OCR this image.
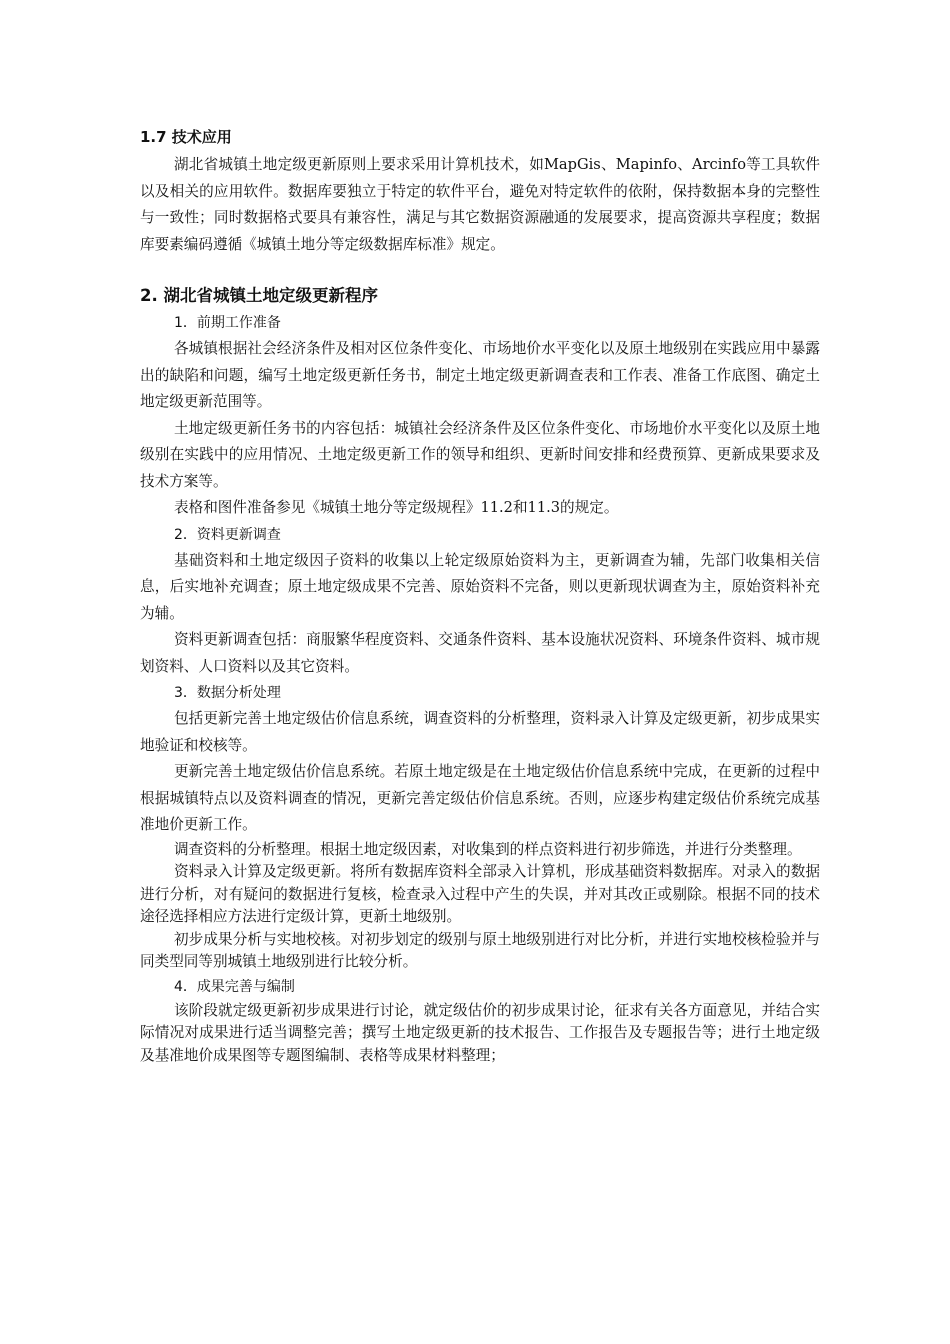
1.7 技术应用

湖北省城镇土地定级更新原则上要求采用计算机技术，如MapGis、Mapinfo、Arcinfo等工具软件以及相关的应用软件。数据库要独立于特定的软件平台，避免对特定软件的依附，保持数据本身的完整性与一致性；同时数据格式要具有兼容性，满足与其它数据资源融通的发展要求，提高资源共享程度；数据库要素编码遵循《城镇土地分等定级数据库标准》规定。

2. 湖北省城镇土地定级更新程序
1．前期工作准备

各城镇根据社会经济条件及相对区位条件变化、市场地价水平变化以及原土地级别在实践应用中暴露出的缺陷和问题，编写土地定级更新任务书，制定土地定级更新调查表和工作表、准备工作底图、确定土地定级更新范围等。

土地定级更新任务书的内容包括：城镇社会经济条件及区位条件变化、市场地价水平变化以及原土地级别在实践中的应用情况、土地定级更新工作的领导和组织、更新时间安排和经费预算、更新成果要求及技术方案等。

表格和图件准备参见《城镇土地分等定级规程》11.2和11.3的规定。

2．资料更新调查

基础资料和土地定级因子资料的收集以上轮定级原始资料为主，更新调查为辅，先部门收集相关信息，后实地补充调查；原土地定级成果不完善、原始资料不完备，则以更新现状调查为主，原始资料补充为辅。

资料更新调查包括：商服繁华程度资料、交通条件资料、基本设施状况资料、环境条件资料、城市规划资料、人口资料以及其它资料。

3．数据分析处理

包括更新完善土地定级估价信息系统，调查资料的分析整理，资料录入计算及定级更新，初步成果实地验证和校核等。

更新完善土地定级估价信息系统。若原土地定级是在土地定级估价信息系统中完成，在更新的过程中根据城镇特点以及资料调查的情况，更新完善定级估价信息系统。否则，应逐步构建定级估价系统完成基准地价更新工作。

调查资料的分析整理。根据土地定级因素，对收集到的样点资料进行初步筛选，并进行分类整理。

资料录入计算及定级更新。将所有数据库资料全部录入计算机，形成基础资料数据库。对录入的数据进行分析，对有疑问的数据进行复核，检查录入过程中产生的失误，并对其改正或剔除。根据不同的技术途径选择相应方法进行定级计算，更新土地级别。

初步成果分析与实地校核。对初步划定的级别与原土地级别进行对比分析，并进行实地校核检验并与同类型同等别城镇土地级别进行比较分析。

4．成果完善与编制

该阶段就定级更新初步成果进行讨论，就定级估价的初步成果讨论，征求有关各方面意见，并结合实际情况对成果进行适当调整完善；撰写土地定级更新的技术报告、工作报告及专题报告等；进行土地定级及基准地价成果图等专题图编制、表格等成果材料整理；
